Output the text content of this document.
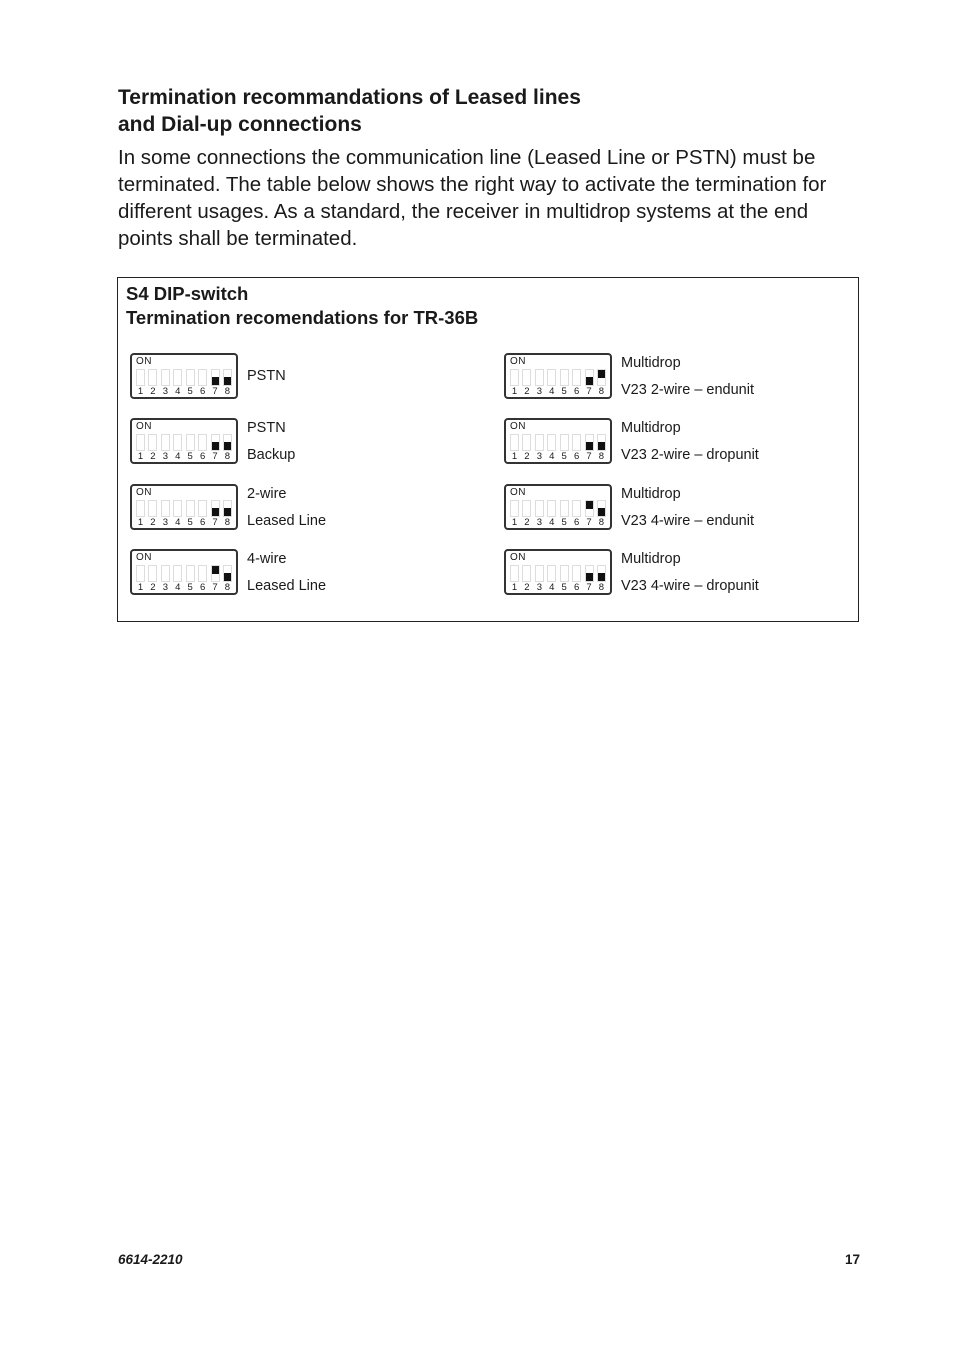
Termination recommandations of Leased lines
and Dial-up connections

In some connections the communication line (Leased Line or PSTN) must be terminated. The table below shows the right way to activate the termination for different usages. As a standard, the receiver in multidrop systems at the end points shall be terminated.

S4 DIP-switch
Termination recomendations for TR-36B
ON
1 2 3 4 5 6 7 8
PSTN
ON
1 2 3 4 5 6 7 8
Multidrop
V23 2-wire – endunit
ON
1 2 3 4 5 6 7 8
PSTN
Backup
ON
1 2 3 4 5 6 7 8
Multidrop
V23 2-wire – dropunit
ON
1 2 3 4 5 6 7 8
2-wire
Leased Line
ON
1 2 3 4 5 6 7 8
Multidrop
V23 4-wire – endunit
ON
1 2 3 4 5 6 7 8
4-wire
Leased Line
ON
1 2 3 4 5 6 7 8
Multidrop
V23 4-wire – dropunit
6614-2210	17
